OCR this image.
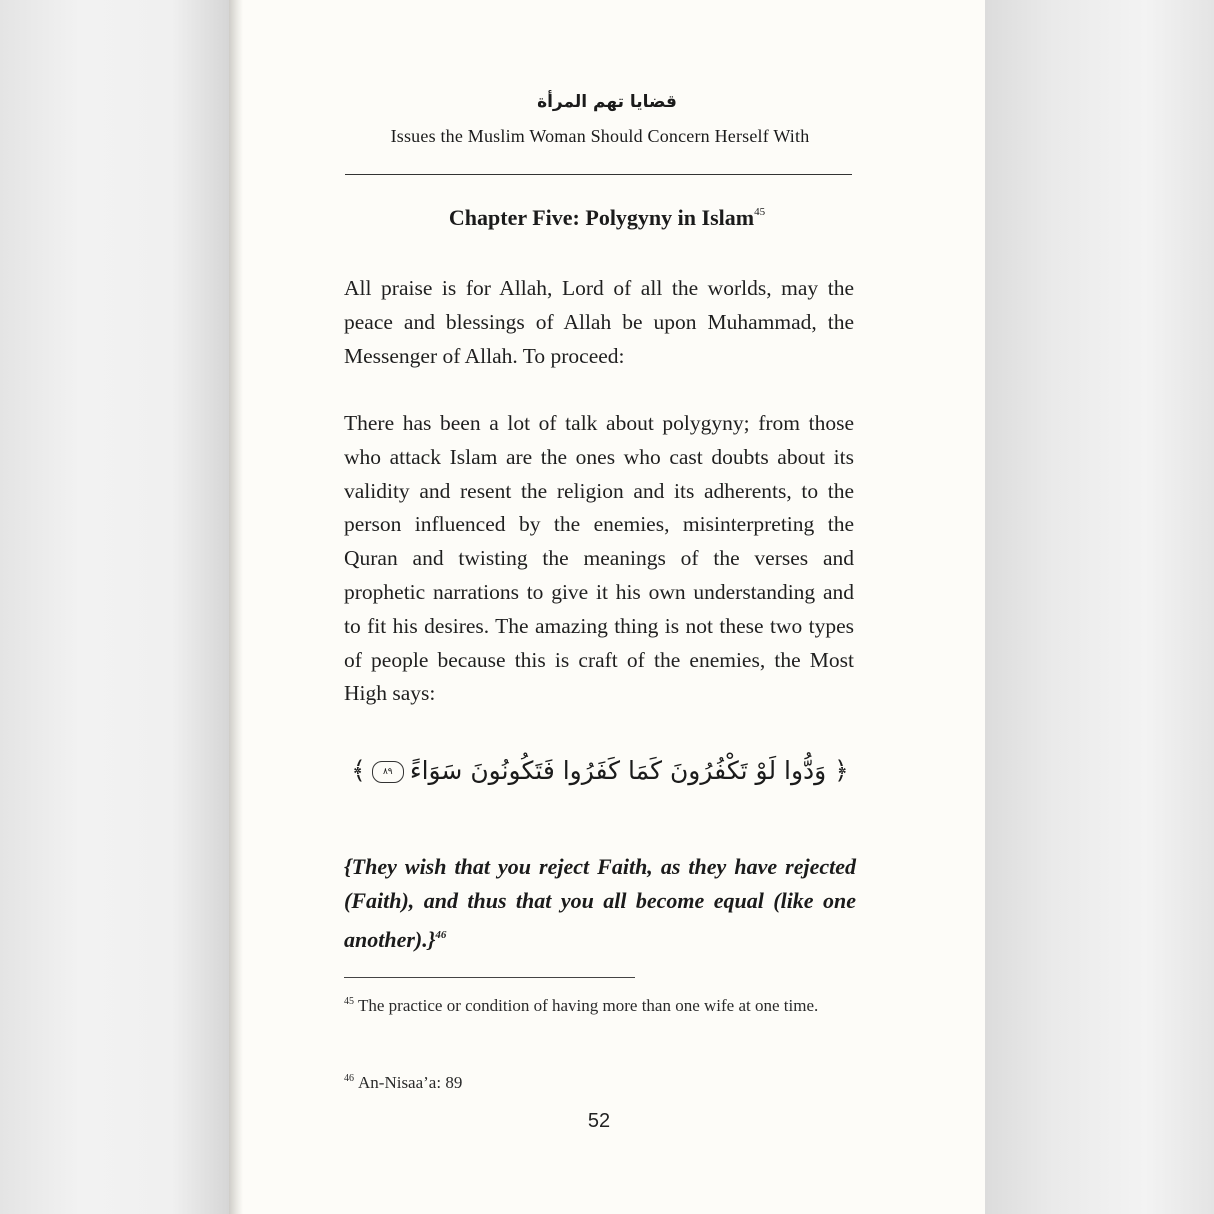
قضايا تهم المرأة
Issues the Muslim Woman Should Concern Herself With
Chapter Five: Polygyny in Islam$^{45}$
All praise is for Allah, Lord of all the worlds, may the peace and blessings of Allah be upon Muhammad, the Messenger of Allah. To proceed:
There has been a lot of talk about polygyny; from those who attack Islam are the ones who cast doubts about its validity and resent the religion and its adherents, to the person influenced by the enemies, misinterpreting the Quran and twisting the meanings of the verses and prophetic narrations to give it his own understanding and to fit his desires. The amazing thing is not these two types of people because this is craft of the enemies, the Most High says:
﴿ وَدُّوا لَوْ تَكْفُرُونَ كَمَا كَفَرُوا فَتَكُونُونَ سَوَاءً٨٩﴾
{They wish that you reject Faith, as they have rejected (Faith), and thus that you all become equal (like one another).}$^{46}$
$^{45}$ The practice or condition of having more than one wife at one time.
$^{46}$ An-Nisaa’a: 89
52
